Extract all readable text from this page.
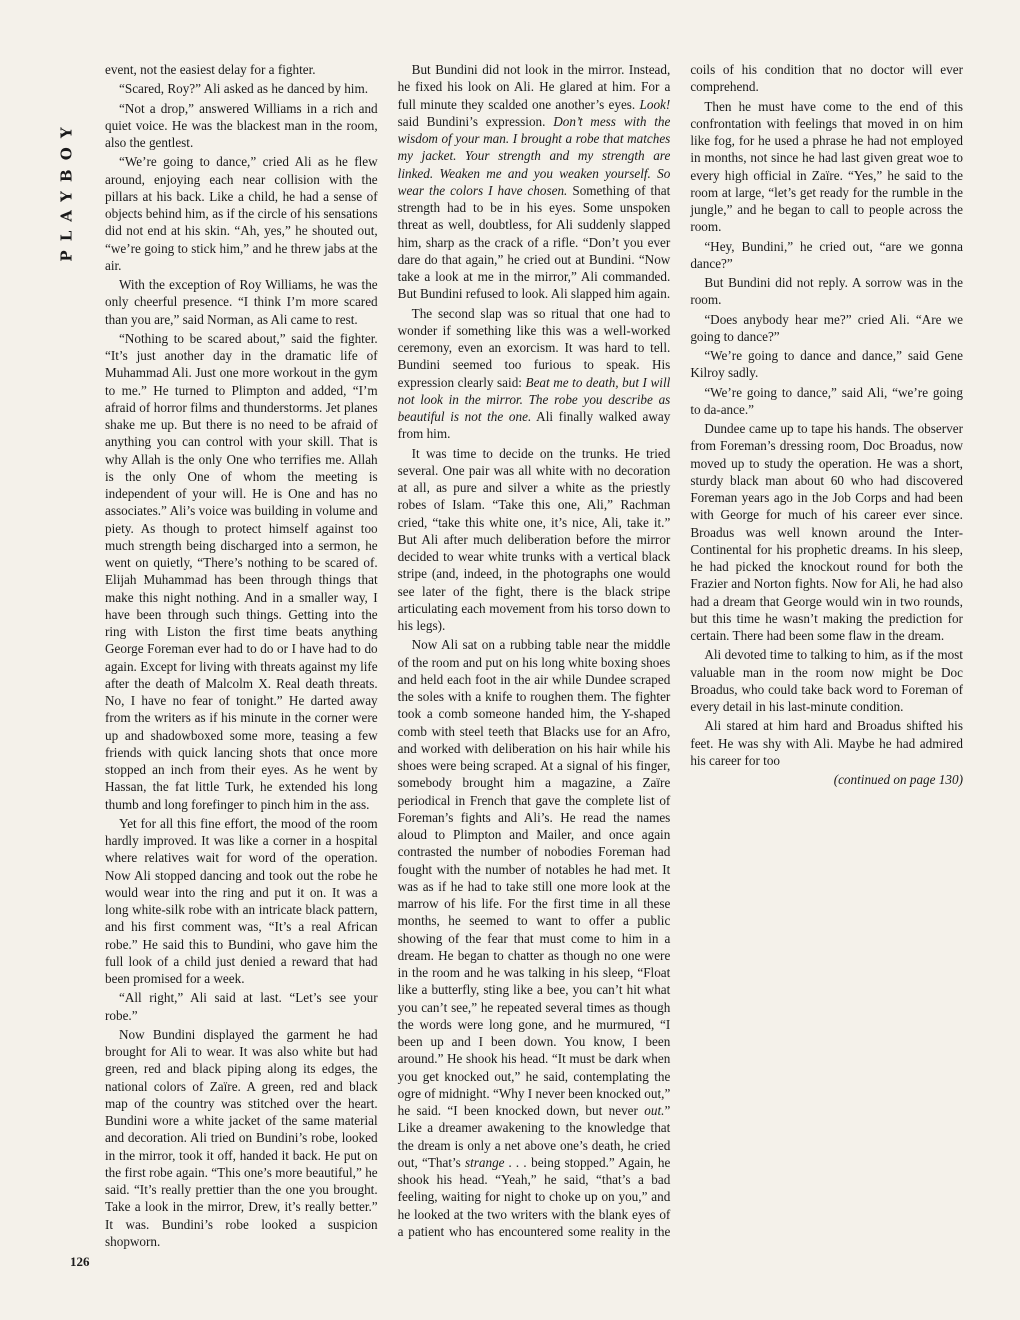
PLAYBOY

event, not the easiest delay for a fighter.

“Scared, Roy?” Ali asked as he danced by him.

“Not a drop,” answered Williams in a rich and quiet voice. He was the blackest man in the room, also the gentlest.

“We’re going to dance,” cried Ali as he flew around, enjoying each near collision with the pillars at his back. Like a child, he had a sense of objects behind him, as if the circle of his sensations did not end at his skin. “Ah, yes,” he shouted out, “we’re going to stick him,” and he threw jabs at the air.

With the exception of Roy Williams, he was the only cheerful presence. “I think I’m more scared than you are,” said Norman, as Ali came to rest.

“Nothing to be scared about,” said the fighter. “It’s just another day in the dramatic life of Muhammad Ali. Just one more workout in the gym to me.” He turned to Plimpton and added, “I’m afraid of horror films and thunderstorms. Jet planes shake me up. But there is no need to be afraid of anything you can control with your skill. That is why Allah is the only One who terrifies me. Allah is the only One of whom the meeting is independent of your will. He is One and has no associates.” Ali’s voice was building in volume and piety. As though to protect himself against too much strength being discharged into a sermon, he went on quietly, “There’s nothing to be scared of. Elijah Muhammad has been through things that make this night nothing. And in a smaller way, I have been through such things. Getting into the ring with Liston the first time beats anything George Foreman ever had to do or I have had to do again. Except for living with threats against my life after the death of Malcolm X. Real death threats. No, I have no fear of tonight.” He darted away from the writers as if his minute in the corner were up and shadowboxed some more, teasing a few friends with quick lancing shots that once more stopped an inch from their eyes. As he went by Hassan, the fat little Turk, he extended his long thumb and long forefinger to pinch him in the ass.

Yet for all this fine effort, the mood of the room hardly improved. It was like a corner in a hospital where relatives wait for word of the operation. Now Ali stopped dancing and took out the robe he would wear into the ring and put it on. It was a long white-silk robe with an intricate black pattern, and his first comment was, “It’s a real African robe.” He said this to Bundini, who gave him the full look of a child just denied a reward that had been promised for a week.

“All right,” Ali said at last. “Let’s see your robe.”

Now Bundini displayed the garment he had brought for Ali to wear. It was also white but had green, red and black piping along its edges, the national colors of Zaïre. A green, red and black map of the country was stitched over the heart. Bundini wore a white jacket of the same material and decoration. Ali tried on Bundini’s robe, looked in the mirror, took it off, handed it back. He put on the first robe again. “This one’s more beautiful,” he said. “It’s really prettier than the one you brought. Take a look in the mirror, Drew, it’s really better.” It was. Bundini’s robe looked a suspicion shopworn.

But Bundini did not look in the mirror. Instead, he fixed his look on Ali. He glared at him. For a full minute they scalded one another’s eyes. Look! said Bundini’s expression. Don’t mess with the wisdom of your man. I brought a robe that matches my jacket. Your strength and my strength are linked. Weaken me and you weaken yourself. So wear the colors I have chosen. Something of that strength had to be in his eyes. Some unspoken threat as well, doubtless, for Ali suddenly slapped him, sharp as the crack of a rifle. “Don’t you ever dare do that again,” he cried out at Bundini. “Now take a look at me in the mirror,” Ali commanded. But Bundini refused to look. Ali slapped him again.

The second slap was so ritual that one had to wonder if something like this was a well-worked ceremony, even an exorcism. It was hard to tell. Bundini seemed too furious to speak. His expression clearly said: Beat me to death, but I will not look in the mirror. The robe you describe as beautiful is not the one. Ali finally walked away from him.

It was time to decide on the trunks. He tried several. One pair was all white with no decoration at all, as pure and silver a white as the priestly robes of Islam. “Take this one, Ali,” Rachman cried, “take this white one, it’s nice, Ali, take it.” But Ali after much deliberation before the mirror decided to wear white trunks with a vertical black stripe (and, indeed, in the photographs one would see later of the fight, there is the black stripe articulating each movement from his torso down to his legs).

Now Ali sat on a rubbing table near the middle of the room and put on his long white boxing shoes and held each foot in the air while Dundee scraped the soles with a knife to roughen them. The fighter took a comb someone handed him, the Y-shaped comb with steel teeth that Blacks use for an Afro, and worked with deliberation on his hair while his shoes were being scraped. At a signal of his finger, somebody brought him a magazine, a Zaïre periodical in French that gave the complete list of Foreman’s fights and Ali’s. He read the names aloud to Plimpton and Mailer, and once again contrasted the number of nobodies Foreman had fought with the number of notables he had met. It was as if he had to take still one more look at the marrow of his life. For the first time in all these months, he seemed to want to offer a public showing of the fear that must come to him in a dream. He began to chatter as though no one were in the room and he was talking in his sleep, “Float like a butterfly, sting like a bee, you can’t hit what you can’t see,” he repeated several times as though the words were long gone, and he murmured, “I been up and I been down. You know, I been around.” He shook his head. “It must be dark when you get knocked out,” he said, contemplating the ogre of midnight. “Why I never been knocked out,” he said. “I been knocked down, but never out.” Like a dreamer awakening to the knowledge that the dream is only a net above one’s death, he cried out, “That’s strange . . . being stopped.” Again, he shook his head. “Yeah,” he said, “that’s a bad feeling, waiting for night to choke up on you,” and he looked at the two writers with the blank eyes of a patient who has encountered some reality in the coils of his condition that no doctor will ever comprehend.

Then he must have come to the end of this confrontation with feelings that moved in on him like fog, for he used a phrase he had not employed in months, not since he had last given great woe to every high official in Zaïre. “Yes,” he said to the room at large, “let’s get ready for the rumble in the jungle,” and he began to call to people across the room.

“Hey, Bundini,” he cried out, “are we gonna dance?”

But Bundini did not reply. A sorrow was in the room.

“Does anybody hear me?” cried Ali. “Are we going to dance?”

“We’re going to dance and dance,” said Gene Kilroy sadly.

“We’re going to dance,” said Ali, “we’re going to da-ance.”

Dundee came up to tape his hands. The observer from Foreman’s dressing room, Doc Broadus, now moved up to study the operation. He was a short, sturdy black man about 60 who had discovered Foreman years ago in the Job Corps and had been with George for much of his career ever since. Broadus was well known around the Inter-Continental for his prophetic dreams. In his sleep, he had picked the knockout round for both the Frazier and Norton fights. Now for Ali, he had also had a dream that George would win in two rounds, but this time he wasn’t making the prediction for certain. There had been some flaw in the dream.

Ali devoted time to talking to him, as if the most valuable man in the room now might be Doc Broadus, who could take back word to Foreman of every detail in his last-minute condition.

Ali stared at him hard and Broadus shifted his feet. He was shy with Ali. Maybe he had admired his career for too

(continued on page 130)

126
